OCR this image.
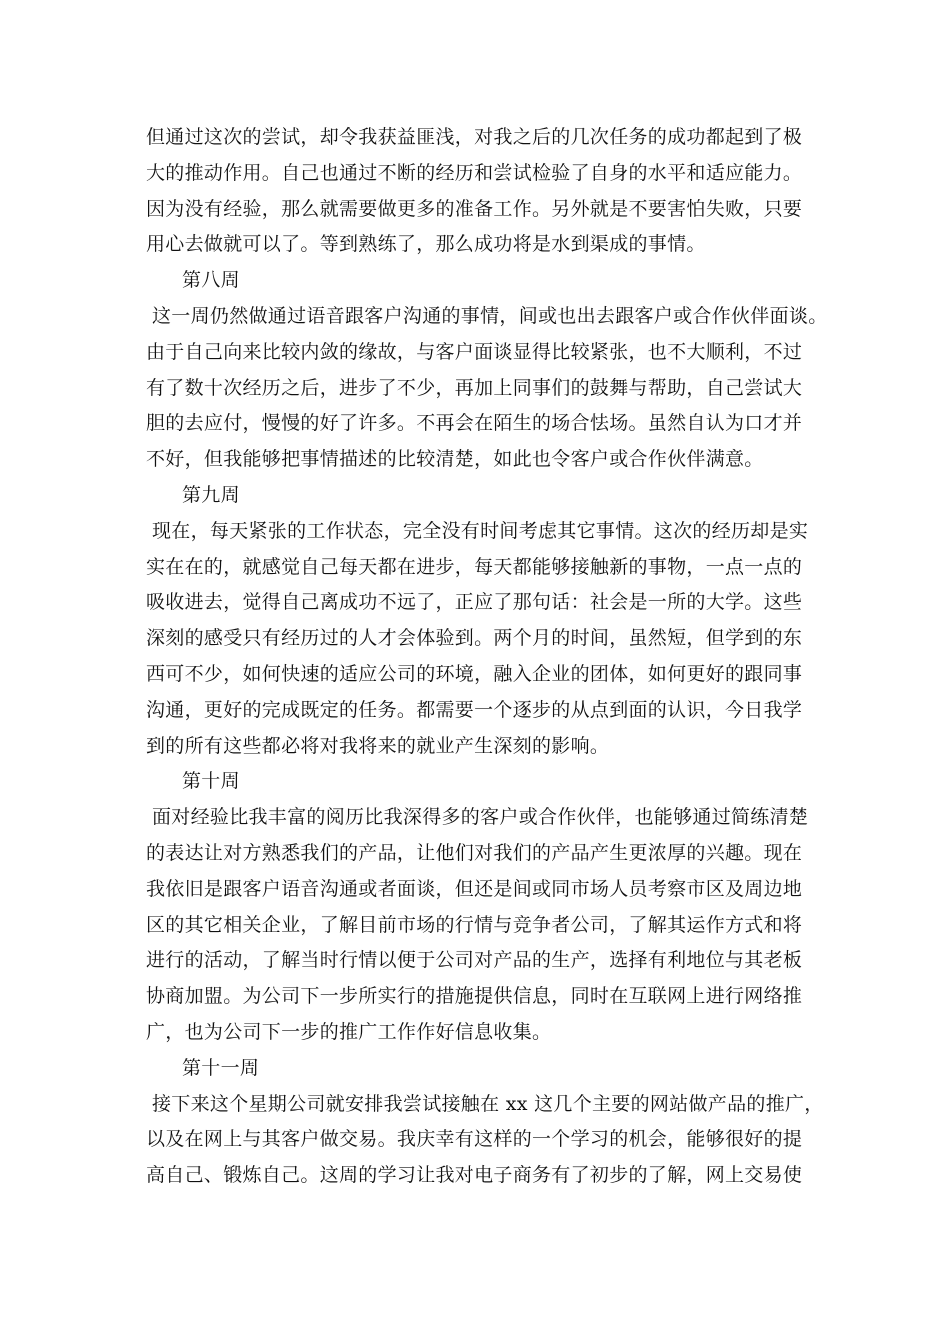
但通过这次的尝试，却令我获益匪浅，对我之后的几次任务的成功都起到了极
大的推动作用。自己也通过不断的经历和尝试检验了自身的水平和适应能力。
因为没有经验，那么就需要做更多的准备工作。另外就是不要害怕失败，只要
用心去做就可以了。等到熟练了，那么成功将是水到渠成的事情。
第八周
这一周仍然做通过语音跟客户沟通的事情，间或也出去跟客户或合作伙伴面谈。
由于自己向来比较内敛的缘故，与客户面谈显得比较紧张，也不大顺利，不过
有了数十次经历之后，进步了不少，再加上同事们的鼓舞与帮助，自己尝试大
胆的去应付，慢慢的好了许多。不再会在陌生的场合怯场。虽然自认为口才并
不好，但我能够把事情描述的比较清楚，如此也令客户或合作伙伴满意。
第九周
现在，每天紧张的工作状态，完全没有时间考虑其它事情。这次的经历却是实
实在在的，就感觉自己每天都在进步，每天都能够接触新的事物，一点一点的
吸收进去，觉得自己离成功不远了，正应了那句话：社会是一所的大学。这些
深刻的感受只有经历过的人才会体验到。两个月的时间，虽然短，但学到的东
西可不少，如何快速的适应公司的环境，融入企业的团体，如何更好的跟同事
沟通，更好的完成既定的任务。都需要一个逐步的从点到面的认识，今日我学
到的所有这些都必将对我将来的就业产生深刻的影响。
第十周
面对经验比我丰富的阅历比我深得多的客户或合作伙伴，也能够通过简练清楚
的表达让对方熟悉我们的产品，让他们对我们的产品产生更浓厚的兴趣。现在
我依旧是跟客户语音沟通或者面谈，但还是间或同市场人员考察市区及周边地
区的其它相关企业，了解目前市场的行情与竞争者公司，了解其运作方式和将
进行的活动，了解当时行情以便于公司对产品的生产，选择有利地位与其老板
协商加盟。为公司下一步所实行的措施提供信息，同时在互联网上进行网络推
广，也为公司下一步的推广工作作好信息收集。
第十一周
接下来这个星期公司就安排我尝试接触在 xx 这几个主要的网站做产品的推广，
以及在网上与其客户做交易。我庆幸有这样的一个学习的机会，能够很好的提
高自己、锻炼自己。这周的学习让我对电子商务有了初步的了解，网上交易使
